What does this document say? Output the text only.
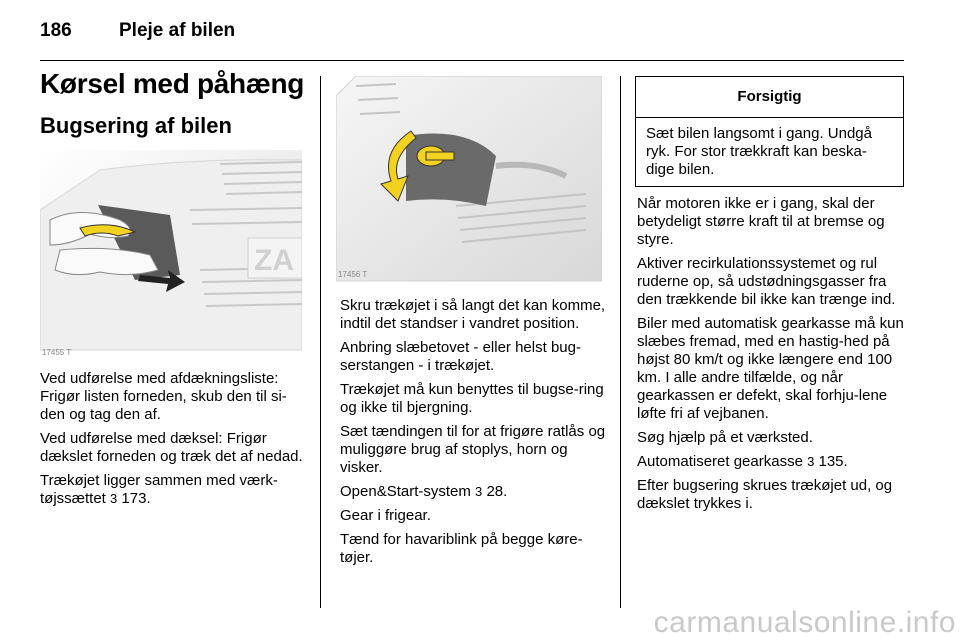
186 Pleje af bilen
Kørsel med påhæng
Bugsering af bilen
ZA
17455 T

Ved udførelse med afdækningsliste: Frigør listen forneden, skub den til si-den og tag den af.

Ved udførelse med dæksel: Frigør dækslet forneden og træk det af nedad.

Trækøjet ligger sammen med værk-tøjssættet 3 173.

17456 T

Skru trækøjet i så langt det kan komme, indtil det standser i vandret position.

Anbring slæbetovet - eller helst bug-serstangen - i trækøjet.

Trækøjet må kun benyttes til bugse-ring og ikke til bjergning.

Sæt tændingen til for at frigøre ratlås og muliggøre brug af stoplys, horn og visker.

Open&Start-system 3 28.

Gear i frigear.

Tænd for havariblink på begge køre-tøjer.

Forsigtig
Sæt bilen langsomt i gang. Undgå ryk. For stor trækkraft kan beska-dige bilen.

Når motoren ikke er i gang, skal der betydeligt større kraft til at bremse og styre.

Aktiver recirkulationssystemet og rul ruderne op, så udstødningsgasser fra den trækkende bil ikke kan trænge ind.

Biler med automatisk gearkasse må kun slæbes fremad, med en hastig-hed på højst 80 km/t og ikke længere end 100 km. I alle andre tilfælde, og når gearkassen er defekt, skal forhju-lene løfte fri af vejbanen.

Søg hjælp på et værksted.

Automatiseret gearkasse 3 135.

Efter bugsering skrues trækøjet ud, og dækslet trykkes i.

carmanualsonline.info
